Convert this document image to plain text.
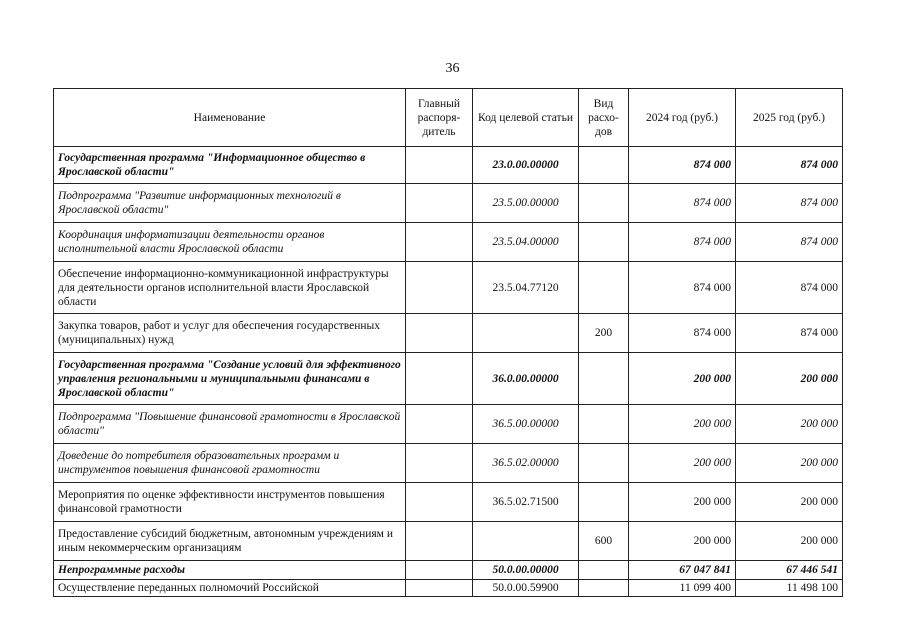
36
Наименование	Главный распоря-дитель	Код целевой статьи	Вид расхо-дов	2024 год (руб.)	2025 год (руб.)
Государственная программа "Информационное общество в Ярославской области"		23.0.00.00000		874 000	874 000
Подпрограмма "Развитие информационных технологий в Ярославской области"		23.5.00.00000		874 000	874 000
Координация информатизации деятельности органов исполнительной власти Ярославской области		23.5.04.00000		874 000	874 000
Обеспечение информационно-коммуникационной инфраструктуры для деятельности органов исполнительной власти Ярославской области		23.5.04.77120		874 000	874 000
Закупка товаров, работ и услуг для обеспечения государственных (муниципальных) нужд			200	874 000	874 000
Государственная программа "Создание условий для эффективного управления региональными и муниципальными финансами в Ярославской области"		36.0.00.00000		200 000	200 000
Подпрограмма "Повышение финансовой грамотности в Ярославской области"		36.5.00.00000		200 000	200 000
Доведение до потребителя образовательных программ и инструментов повышения финансовой грамотности		36.5.02.00000		200 000	200 000
Мероприятия по оценке эффективности инструментов повышения финансовой грамотности		36.5.02.71500		200 000	200 000
Предоставление субсидий бюджетным, автономным учреждениям и иным некоммерческим организациям			600	200 000	200 000
Непрограммные расходы		50.0.00.00000		67 047 841	67 446 541
Осуществление переданных полномочий Российской		50.0.00.59900		11 099 400	11 498 100
